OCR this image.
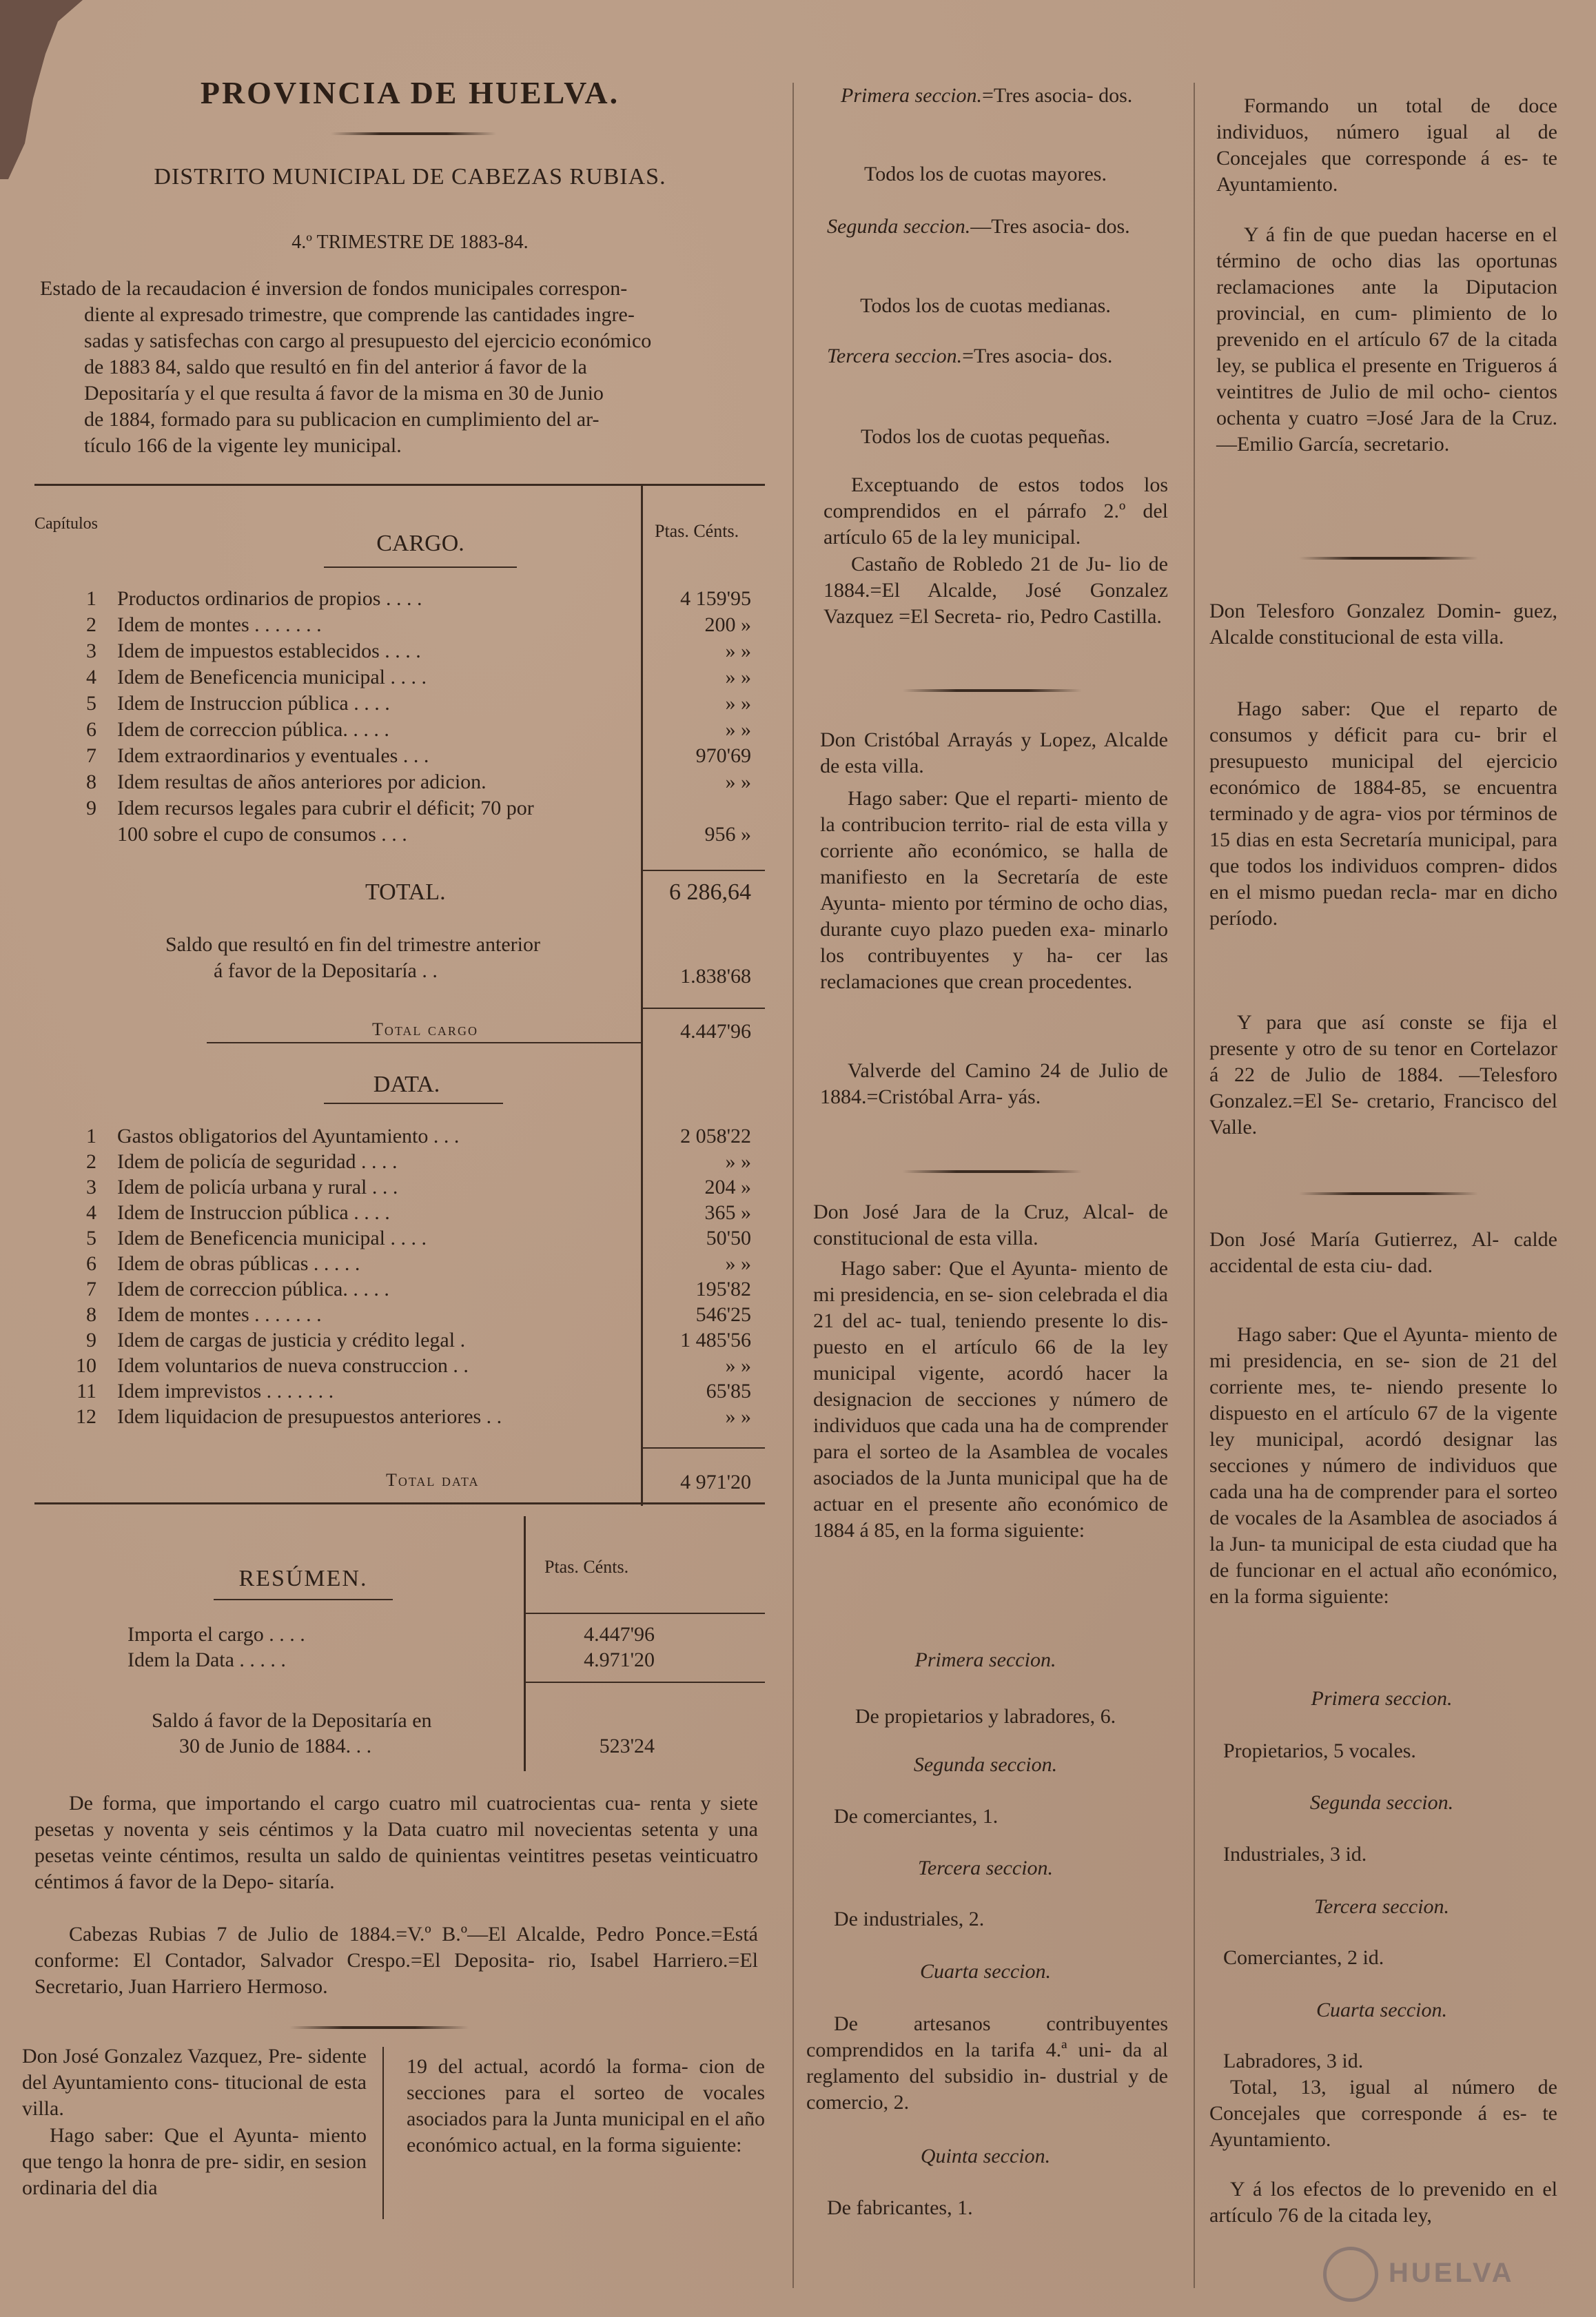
PROVINCIA DE HUELVA.
DISTRITO MUNICIPAL DE CABEZAS RUBIAS.
4.º TRIMESTRE DE 1883-84.
Estado de la recaudacion é inversion de fondos municipales correspon-
diente al expresado trimestre, que comprende las cantidades ingre-
sadas y satisfechas con cargo al presupuesto del ejercicio económico
de 1883 84, saldo que resultó en fin del anterior á favor de la
Depositaría y el que resulta á favor de la misma en 30 de Junio
de 1884, formado para su publicacion en cumplimiento del ar-
tículo 166 de la vigente ley municipal.
Capítulos	Ptas. Cénts.
CARGO.
1 Productos ordinarios de propios . . . .	4 159'95
2 Idem de montes . . . . . . .	200 »
3 Idem de impuestos establecidos . . . .	» »
4 Idem de Beneficencia municipal . . . .	» »
5 Idem de Instruccion pública . . . .	» »
6 Idem de correccion pública. . . . .	» »
7 Idem extraordinarios y eventuales . . .	970'69
8 Idem resultas de años anteriores por adicion.	» »
9 Idem recursos legales para cubrir el déficit; 70 por
100 sobre el cupo de consumos . . .	956 »
TOTAL.	6 286,64
Saldo que resultó en fin del trimestre anterior
á favor de la Depositaría . .	1.838'68
Total cargo	4.447'96
DATA.
1 Gastos obligatorios del Ayuntamiento . . .	2 058'22
2 Idem de policía de seguridad . . . .	» »
3 Idem de policía urbana y rural . . .	204 »
4 Idem de Instruccion pública . . . .	365 »
5 Idem de Beneficencia municipal . . . .	50'50
6 Idem de obras públicas . . . . .	» »
7 Idem de correccion pública. . . . .	195'82
8 Idem de montes . . . . . . .	546'25
9 Idem de cargas de justicia y crédito legal .	1 485'56
10 Idem voluntarios de nueva construccion . .	» »
11 Idem imprevistos . . . . . . .	65'85
12 Idem liquidacion de presupuestos anteriores . .	» »
Total data	4 971'20
Ptas. Cénts.
RESÚMEN.
Importa el cargo . . . .	4.447'96
Idem la Data . . . . .	4.971'20
Saldo á favor de la Depositaría en
30 de Junio de 1884. . .	523'24
De forma, que importando el cargo cuatro mil cuatrocientas cua- renta y siete pesetas y noventa y seis céntimos y la Data cuatro mil novecientas setenta y una pesetas veinte céntimos, resulta un saldo de quinientas veintitres pesetas veinticuatro céntimos á favor de la Depo- sitaría.
Cabezas Rubias 7 de Julio de 1884.=V.º B.º—El Alcalde, Pedro Ponce.=Está conforme: El Contador, Salvador Crespo.=El Deposita- rio, Isabel Harriero.=El Secretario, Juan Harriero Hermoso.
Don José Gonzalez Vazquez, Pre- sidente del Ayuntamiento cons- titucional de esta villa.
Hago saber: Que el Ayunta- miento que tengo la honra de pre- sidir, en sesion ordinaria del dia
19 del actual, acordó la forma- cion de secciones para el sorteo de vocales asociados para la Junta municipal en el año económico actual, en la forma siguiente:
Primera seccion.=Tres asocia- dos.
Todos los de cuotas mayores.
Segunda seccion.—Tres asocia- dos.
Todos los de cuotas medianas.
Tercera seccion.=Tres asocia- dos.
Todos los de cuotas pequeñas.
Exceptuando de estos todos los comprendidos en el párrafo 2.º del artículo 65 de la ley municipal.
Castaño de Robledo 21 de Ju- lio de 1884.=El Alcalde, José Gonzalez Vazquez =El Secreta- rio, Pedro Castilla.
Don Cristóbal Arrayás y Lopez, Alcalde de esta villa.
Hago saber: Que el reparti- miento de la contribucion territo- rial de esta villa y corriente año económico, se halla de manifiesto en la Secretaría de este Ayunta- miento por término de ocho dias, durante cuyo plazo pueden exa- minarlo los contribuyentes y ha- cer las reclamaciones que crean procedentes.
Valverde del Camino 24 de Julio de 1884.=Cristóbal Arra- yás.
Don José Jara de la Cruz, Alcal- de constitucional de esta villa.
Hago saber: Que el Ayunta- miento de mi presidencia, en se- sion celebrada el dia 21 del ac- tual, teniendo presente lo dis- puesto en el artículo 66 de la ley municipal vigente, acordó hacer la designacion de secciones y número de individuos que cada una ha de comprender para el sorteo de la Asamblea de vocales asociados de la Junta municipal que ha de actuar en el presente año económico de 1884 á 85, en la forma siguiente:
Primera seccion.
De propietarios y labradores, 6.
Segunda seccion.
De comerciantes, 1.
Tercera seccion.
De industriales, 2.
Cuarta seccion.
De artesanos contribuyentes comprendidos en la tarifa 4.ª uni- da al reglamento del subsidio in- dustrial y de comercio, 2.
Quinta seccion.
De fabricantes, 1.
Formando un total de doce individuos, número igual al de Concejales que corresponde á es- te Ayuntamiento.
Y á fin de que puedan hacerse en el término de ocho dias las oportunas reclamaciones ante la Diputacion provincial, en cum- plimiento de lo prevenido en el artículo 67 de la citada ley, se publica el presente en Trigueros á veintitres de Julio de mil ocho- cientos ochenta y cuatro =José Jara de la Cruz.—Emilio García, secretario.
Don Telesforo Gonzalez Domin- guez, Alcalde constitucional de esta villa.
Hago saber: Que el reparto de consumos y déficit para cu- brir el presupuesto municipal del ejercicio económico de 1884-85, se encuentra terminado y de agra- vios por términos de 15 dias en esta Secretaría municipal, para que todos los individuos compren- didos en el mismo puedan recla- mar en dicho período.
Y para que así conste se fija el presente y otro de su tenor en Cortelazor á 22 de Julio de 1884. —Telesforo Gonzalez.=El Se- cretario, Francisco del Valle.
Don José María Gutierrez, Al- calde accidental de esta ciu- dad.
Hago saber: Que el Ayunta- miento de mi presidencia, en se- sion de 21 del corriente mes, te- niendo presente lo dispuesto en el artículo 67 de la vigente ley municipal, acordó designar las secciones y número de individuos que cada una ha de comprender para el sorteo de vocales de la Asamblea de asociados á la Jun- ta municipal de esta ciudad que ha de funcionar en el actual año económico, en la forma siguiente:
Primera seccion.
Propietarios, 5 vocales.
Segunda seccion.
Industriales, 3 id.
Tercera seccion.
Comerciantes, 2 id.
Cuarta seccion.
Labradores, 3 id.
Total, 13, igual al número de Concejales que corresponde á es- te Ayuntamiento.
Y á los efectos de lo prevenido en el artículo 76 de la citada ley,
HUELVA
